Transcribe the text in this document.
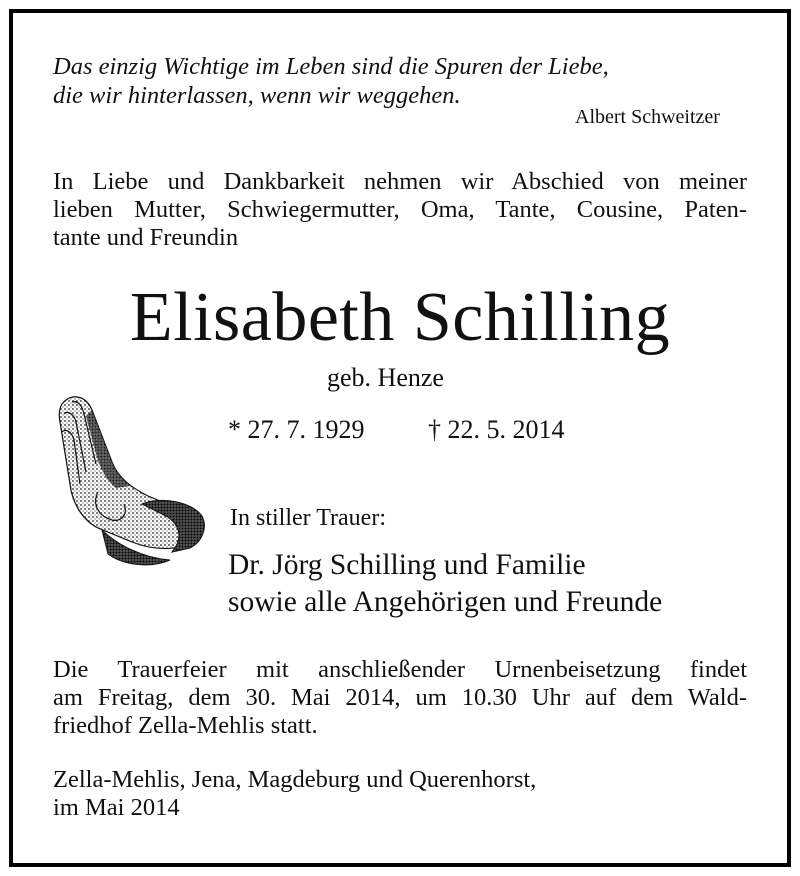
Das einzig Wichtige im Leben sind die Spuren der Liebe,
die wir hinterlassen, wenn wir weggehen.

Albert Schweitzer

In Liebe und Dankbarkeit nehmen wir Abschied von meiner
lieben Mutter, Schwiegermutter, Oma, Tante, Cousine, Paten-
tante und Freundin
Elisabeth Schilling

geb. Henze

* 27. 7. 1929 † 22. 5. 2014

In stiller Trauer:

Dr. Jörg Schilling und Familie
sowie alle Angehörigen und Freunde
Die Trauerfeier mit anschließender Urnenbeisetzung findet
am Freitag, dem 30. Mai 2014, um 10.30 Uhr auf dem Wald-
friedhof Zella-Mehlis statt.
Zella-Mehlis, Jena, Magdeburg und Querenhorst,
im Mai 2014
